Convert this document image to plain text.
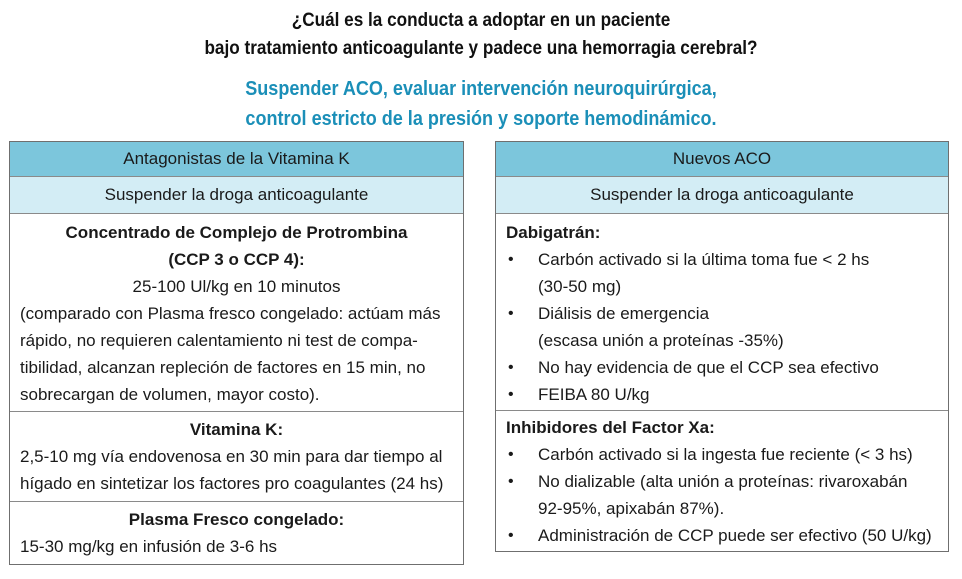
¿Cuál es la conducta a adoptar en un paciente
bajo tratamiento anticoagulante y padece una hemorragia cerebral?
Suspender ACO, evaluar intervención neuroquirúrgica,
control estricto de la presión y soporte hemodinámico.
Antagonistas de la Vitamina K
Suspender la droga anticoagulante
Concentrado de Complejo de Protrombina
(CCP 3 o CCP 4):
25-100 Ul/kg en 10 minutos
(comparado con Plasma fresco congelado: actúam más
rápido, no requieren calentamiento ni test de compa-
tibilidad, alcanzan repleción de factores en 15 min, no
sobrecargan de volumen, mayor costo).
Vitamina K:
2,5-10 mg vía endovenosa en 30 min para dar tiempo al
hígado en sintetizar los factores pro coagulantes (24 hs)
Plasma Fresco congelado:
15-30 mg/kg en infusión de 3-6 hs
Nuevos ACO
Suspender la droga anticoagulante
Dabigatrán:
• Carbón activado si la última toma fue < 2 hs
(30-50 mg)
• Diálisis de emergencia
(escasa unión a proteínas -35%)
• No hay evidencia de que el CCP sea efectivo
• FEIBA 80 U/kg
Inhibidores del Factor Xa:
• Carbón activado si la ingesta fue reciente (< 3 hs)
• No dializable (alta unión a proteínas: rivaroxabán
92-95%, apixabán 87%).
• Administración de CCP puede ser efectivo (50 U/kg)
